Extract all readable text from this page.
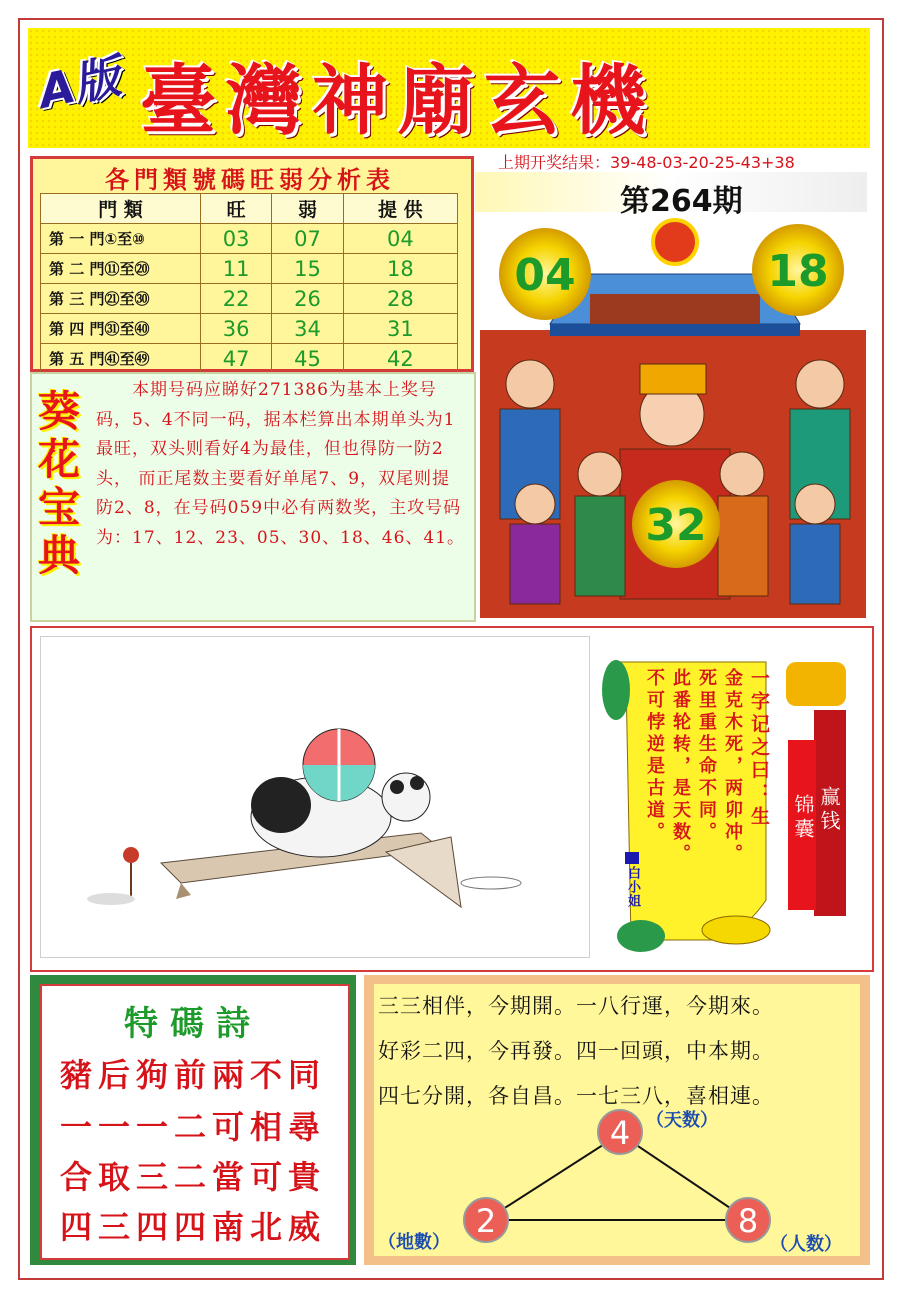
A版 臺灣神廟玄機
上期开奖结果：39-48-03-20-25-43+38
第264期
各門類號碼旺弱分析表
門 類	旺	弱	提 供
第 一 門①至⑩	03	07	04
第 二 門⑪至⑳	11	15	18
第 三 門㉑至㉚	22	26	28
第 四 門㉛至㊵	36	34	31
第 五 門㊶至㊾	47	45	42
葵花宝典
本期号码应睇好271386为基本上奖号码，5、4不同一码，据本栏算出本期单头为1最旺，双头则看好4为最佳，但也得防一防2头， 而正尾数主要看好单尾7、9，双尾则提防2、8，在号码059中必有两数奖，主攻号码为：17、12、23、05、30、18、46、41。
04	18
32
一字记之曰：生
金克木死，两卯冲。
死里重生命不同。
此番轮转，是天数。
不可悖逆是古道。
白小姐
锦囊 赢钱
特碼詩
豬后狗前兩不同
一一一二可相尋
合取三二當可貴
四三四四南北威
三三相伴，今期開。一八行運，今期來。
好彩二四，今再發。四一回頭，中本期。
四七分開，各自昌。一七三八，喜相連。
4
2	8
（天数）
（地數）	（人数）
